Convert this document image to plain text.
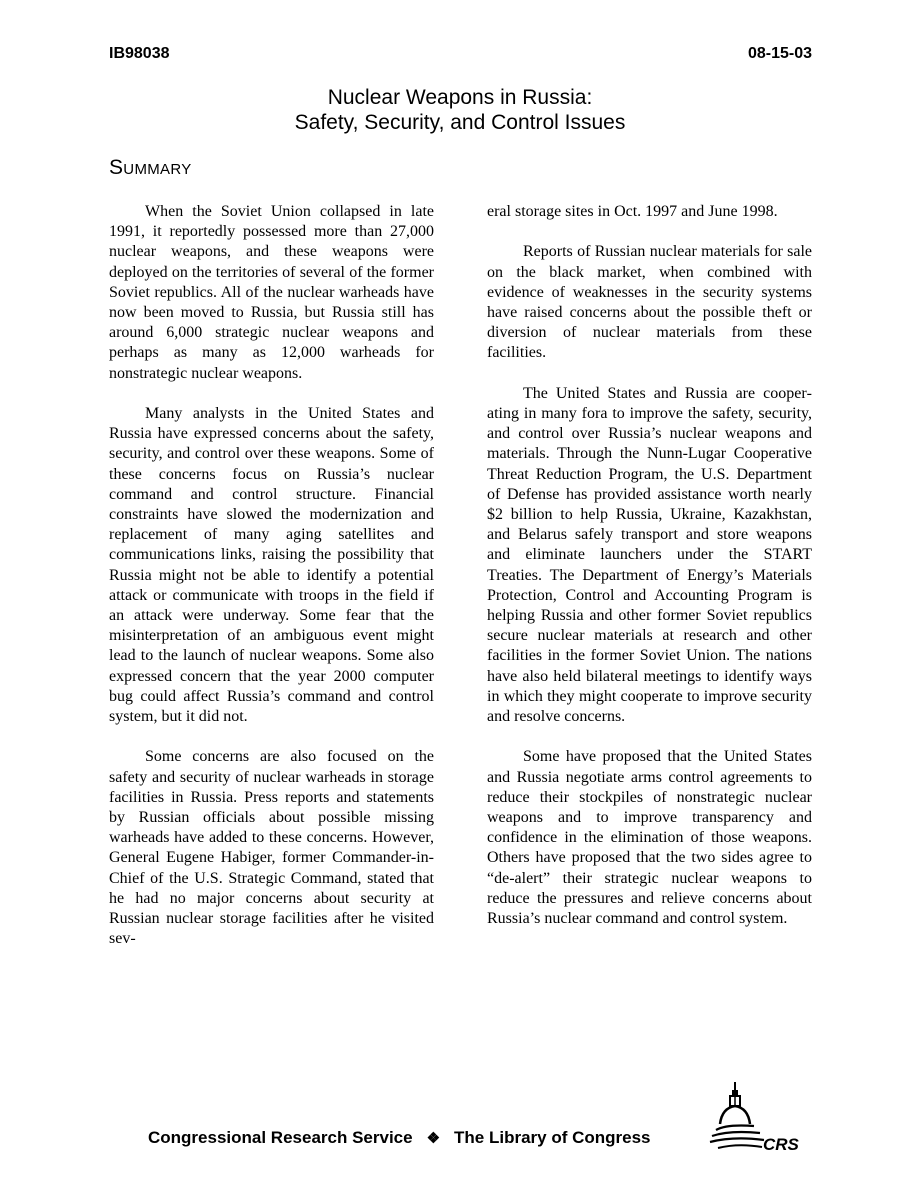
IB98038	08-15-03
Nuclear Weapons in Russia:
Safety, Security, and Control Issues
Summary

When the Soviet Union collapsed in late 1991, it reportedly possessed more than 27,000 nuclear weapons, and these weapons were deployed on the territories of several of the former Soviet republics. All of the nuclear warheads have now been moved to Russia, but Russia still has around 6,000 strategic nuclear weapons and perhaps as many as 12,000 warheads for nonstrategic nuclear weapons.

Many analysts in the United States and Russia have expressed concerns about the safety, security, and control over these weapons. Some of these concerns focus on Russia’s nuclear command and control structure. Financial constraints have slowed the modernization and replacement of many aging satellites and communications links, raising the possibility that Russia might not be able to identify a potential attack or communicate with troops in the field if an attack were underway. Some fear that the misinterpretation of an ambiguous event might lead to the launch of nuclear weapons. Some also expressed concern that the year 2000 computer bug could affect Russia’s command and control system, but it did not.

Some concerns are also focused on the safety and security of nuclear warheads in storage facilities in Russia. Press reports and statements by Russian officials about possible missing warheads have added to these concerns. However, General Eugene Habiger, former Commander-in-Chief of the U.S. Strategic Command, stated that he had no major concerns about security at Russian nuclear storage facilities after he visited sev-

eral storage sites in Oct. 1997 and June 1998.

Reports of Russian nuclear materials for sale on the black market, when combined with evidence of weaknesses in the security systems have raised concerns about the possible theft or diversion of nuclear materials from these facilities.

The United States and Russia are cooperating in many fora to improve the safety, security, and control over Russia’s nuclear weapons and materials. Through the Nunn-Lugar Cooperative Threat Reduction Program, the U.S. Department of Defense has provided assistance worth nearly $2 billion to help Russia, Ukraine, Kazakhstan, and Belarus safely transport and store weapons and eliminate launchers under the START Treaties. The Department of Energy’s Materials Protection, Control and Accounting Program is helping Russia and other former Soviet republics secure nuclear materials at research and other facilities in the former Soviet Union. The nations have also held bilateral meetings to identify ways in which they might cooperate to improve security and resolve concerns.

Some have proposed that the United States and Russia negotiate arms control agreements to reduce their stockpiles of nonstrategic nuclear weapons and to improve transparency and confidence in the elimination of those weapons. Others have proposed that the two sides agree to “de-alert” their strategic nuclear weapons to reduce the pressures and relieve concerns about Russia’s nuclear command and control system.

Congressional Research Service ❖ The Library of Congress	CRS
